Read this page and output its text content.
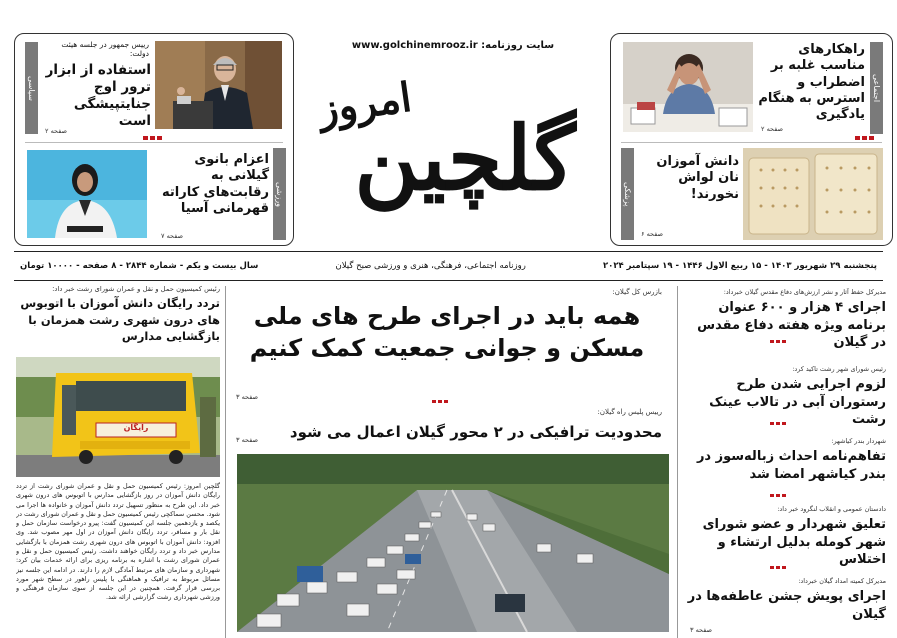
سیاسی
رییس جمهور در جلسه هیئت دولت:
استفاده از ابزار ترور اوج جنایتپیشگی است
صفحه ۲
ورزشی
اعزام بانوی گیلانی به رقابت‌های کاراته قهرمانی آسیا
صفحه ۷
www.golchinemrooz.ir سایت روزنامه:
امروز
گلچین
راهکارهای مناسب غلبه بر اضطراب و استرس به هنگام یادگیری
صفحه ۲
اجتماعی
پزشکی
دانش آموزان نان لواش نخورند!
صفحه ۶
پنجشنبه ۲۹ شهریور ۱۴۰۳ - ۱۵ ربیع الاول ۱۴۴۶ - ۱۹ سپتامبر ۲۰۲۴
روزنامه اجتماعی، فرهنگی، هنری و ورزشی صبح گیلان
سال بیست و یکم - شماره ۲۸۴۴ - ۸ صفحه - ۱۰۰۰۰ تومان
رئیس کمیسیون حمل و نقل و عمران شورای رشت خبر داد:
تردد رایگان دانش آموزان با اتوبوس های درون شهری رشت همزمان با بازگشایی مدارس
رایگان
گلچین امروز: رئیس کمیسیون حمل و نقل و عمران شورای رشت از تردد رایگان دانش آموزان در روز بازگشایی مدارس با اتوبوس های درون شهری خبر داد. این طرح به منظور تسهیل تردد دانش آموزان و خانواده ها اجرا می شود. محسن سماکچی رئیس کمیسیون حمل و نقل و عمران شورای رشت در یکصد و یازدهمین جلسه این کمیسیون گفت: پیرو درخواست سازمان حمل و نقل بار و مسافر، تردد رایگان دانش آموزان در اول مهر مصوب شد. وی افزود: دانش آموزان با اتوبوس های درون شهری رشت همزمان با بازگشایی مدارس خبر داد و تردد رایگان خواهند داشت. رئیس کمیسیون حمل و نقل و عمران شورای رشت با اشاره به برنامه ریزی برای ارائه خدمات بیان کرد: شهرداری و سازمان های مرتبط آمادگی لازم را دارند. در ادامه این جلسه نیز مسائل مربوط به ترافیک و هماهنگی با پلیس راهور در سطح شهر مورد بررسی قرار گرفت. همچنین در این جلسه از سوی سازمان فرهنگی و ورزشی شهرداری رشت گزارشی ارائه شد.
بازرس کل گیلان:
همه باید در اجرای طرح های ملی مسکن و جوانی جمعیت کمک کنیم
صفحه ۳
رییس پلیس راه گیلان:
محدودیت ترافیکی در ۲ محور گیلان اعمال می شود
صفحه ۳
مدیرکل حفظ آثار و نشر ارزش‌های دفاع مقدس گیلان خبرداد:
اجرای ۴ هزار و ۶۰۰ عنوان برنامه ویژه هفته دفاع مقدس در گیلان
رئیس شورای شهر رشت تاکید کرد:
لزوم اجرایی شدن طرح رستوران آبی در تالاب عینک رشت
شهردار بندر کیاشهر:
تفاهم‌نامه احداث زباله‌سوز در بندر کیاشهر امضا شد
دادستان عمومی و انقلاب لنگرود خبر داد:
تعلیق شهردار و عضو شورای شهر کومله بدلیل ارتشاء و اختلاس
مدیرکل کمیته امداد گیلان خبرداد:
اجرای پویش جشن عاطفه‌ها در گیلان
صفحه ۳
